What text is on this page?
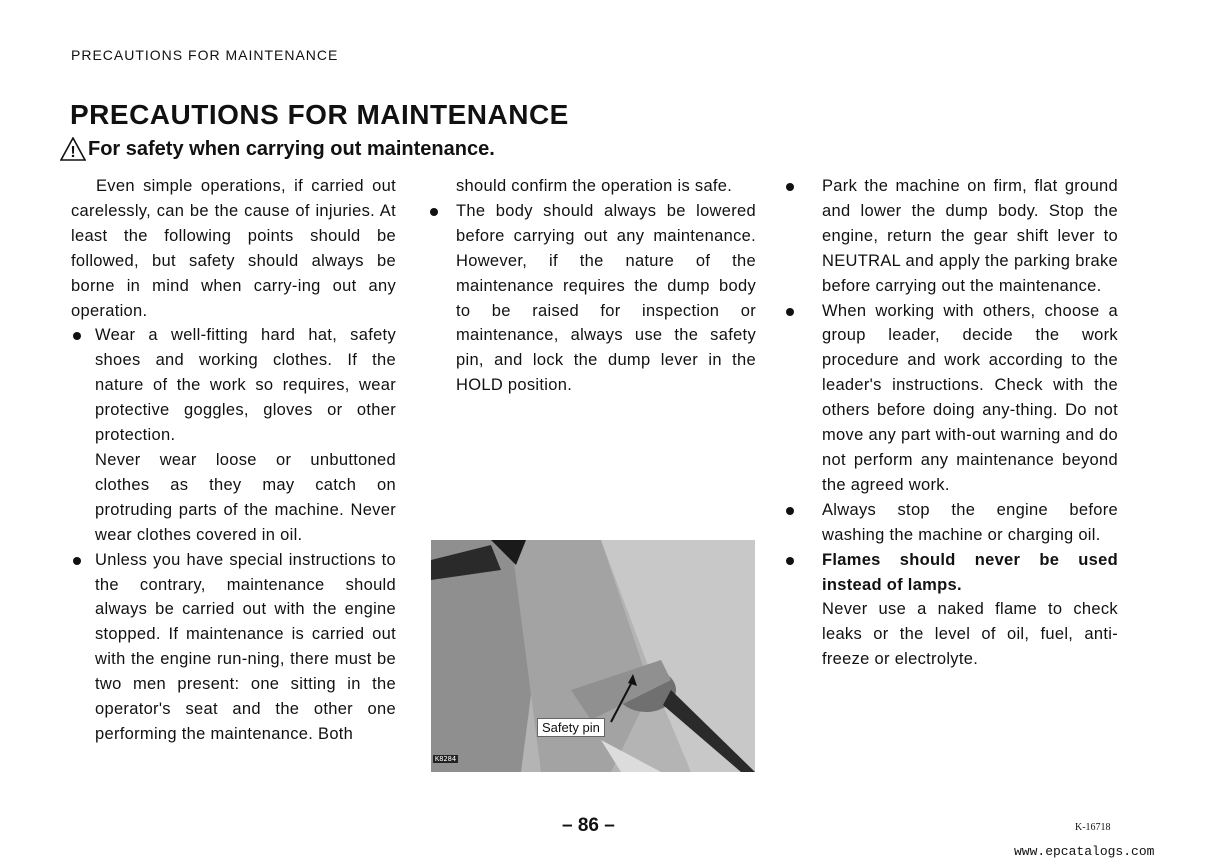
PRECAUTIONS FOR MAINTENANCE
PRECAUTIONS FOR MAINTENANCE
! For safety when carrying out maintenance.

Even simple operations, if carried out carelessly, can be the cause of injuries. At least the following points should be followed, but safety should always be borne in mind when carry-ing out any operation.

Wear a well-fitting hard hat, safety shoes and working clothes. If the nature of the work so requires, wear protective goggles, gloves or other protection.

Never wear loose or unbuttoned clothes as they may catch on protruding parts of the machine. Never wear clothes covered in oil.

Unless you have special instructions to the contrary, maintenance should always be carried out with the engine stopped. If maintenance is carried out with the engine run-ning, there must be two men present: one sitting in the operator's seat and the other one performing the maintenance. Both

should confirm the operation is safe.

The body should always be lowered before carrying out any maintenance. However, if the nature of the maintenance requires the dump body to be raised for inspection or maintenance, always use the safety pin, and lock the dump lever in the HOLD position.

Safety pin
K8284

Park the machine on firm, flat ground and lower the dump body. Stop the engine, return the gear shift lever to NEUTRAL and apply the parking brake before carrying out the maintenance.

When working with others, choose a group leader, decide the work procedure and work according to the leader's instructions. Check with the others before doing any-thing. Do not move any part with-out warning and do not perform any maintenance beyond the agreed work.

Always stop the engine before washing the machine or charging oil.

Flames should never be used instead of lamps.

Never use a naked flame to check leaks or the level of oil, fuel, anti-freeze or electrolyte.

– 86 –	K-16718
www.epcatalogs.com
